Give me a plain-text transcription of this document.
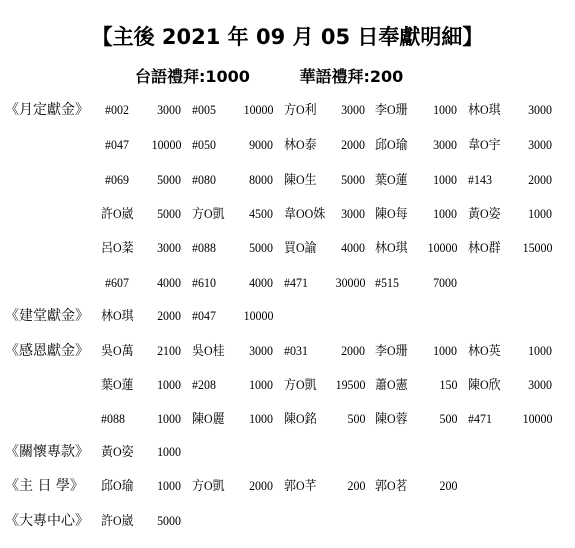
【主後 2021 年 09 月 05 日奉獻明細】
台語禮拜:1000	華語禮拜:200
《月定獻金》 #002 3000 #005 10000 方O利 3000 李O珊 1000 林O琪 3000
#047 10000 #050	9000 林O泰 2000 邱O瑜 3000 韋O宇 3000
#069 5000 #080	8000 陳O生 5000 葉O蓮 1000 #143	2000
許O崴 5000 方O凱 4500 韋OO姝 3000 陳O每 1000 黃O姿 1000
呂O棻 3000 #088	5000 買O諭 4000 林O琪 10000 林O群 15000
#607 4000 #610	4000 #471 30000 #515	7000
《建堂獻金》 林O琪 2000 #047 10000
《感恩獻金》 吳O萬 2100 吳O桂 3000 #031	2000 李O珊 1000 林O英 1000
葉O蓮 1000 #208	1000 方O凱 19500 蕭O憲 150 陳O欣 3000
#088 1000 陳O麗 1000 陳O銘 500 陳O蓉 500 #471 10000
《關懷專款》 黃O姿 1000
《主 日 學》 邱O瑜 1000 方O凱 2000 郭O芊 200 郭O茗 200
《大專中心》 許O崴 5000
